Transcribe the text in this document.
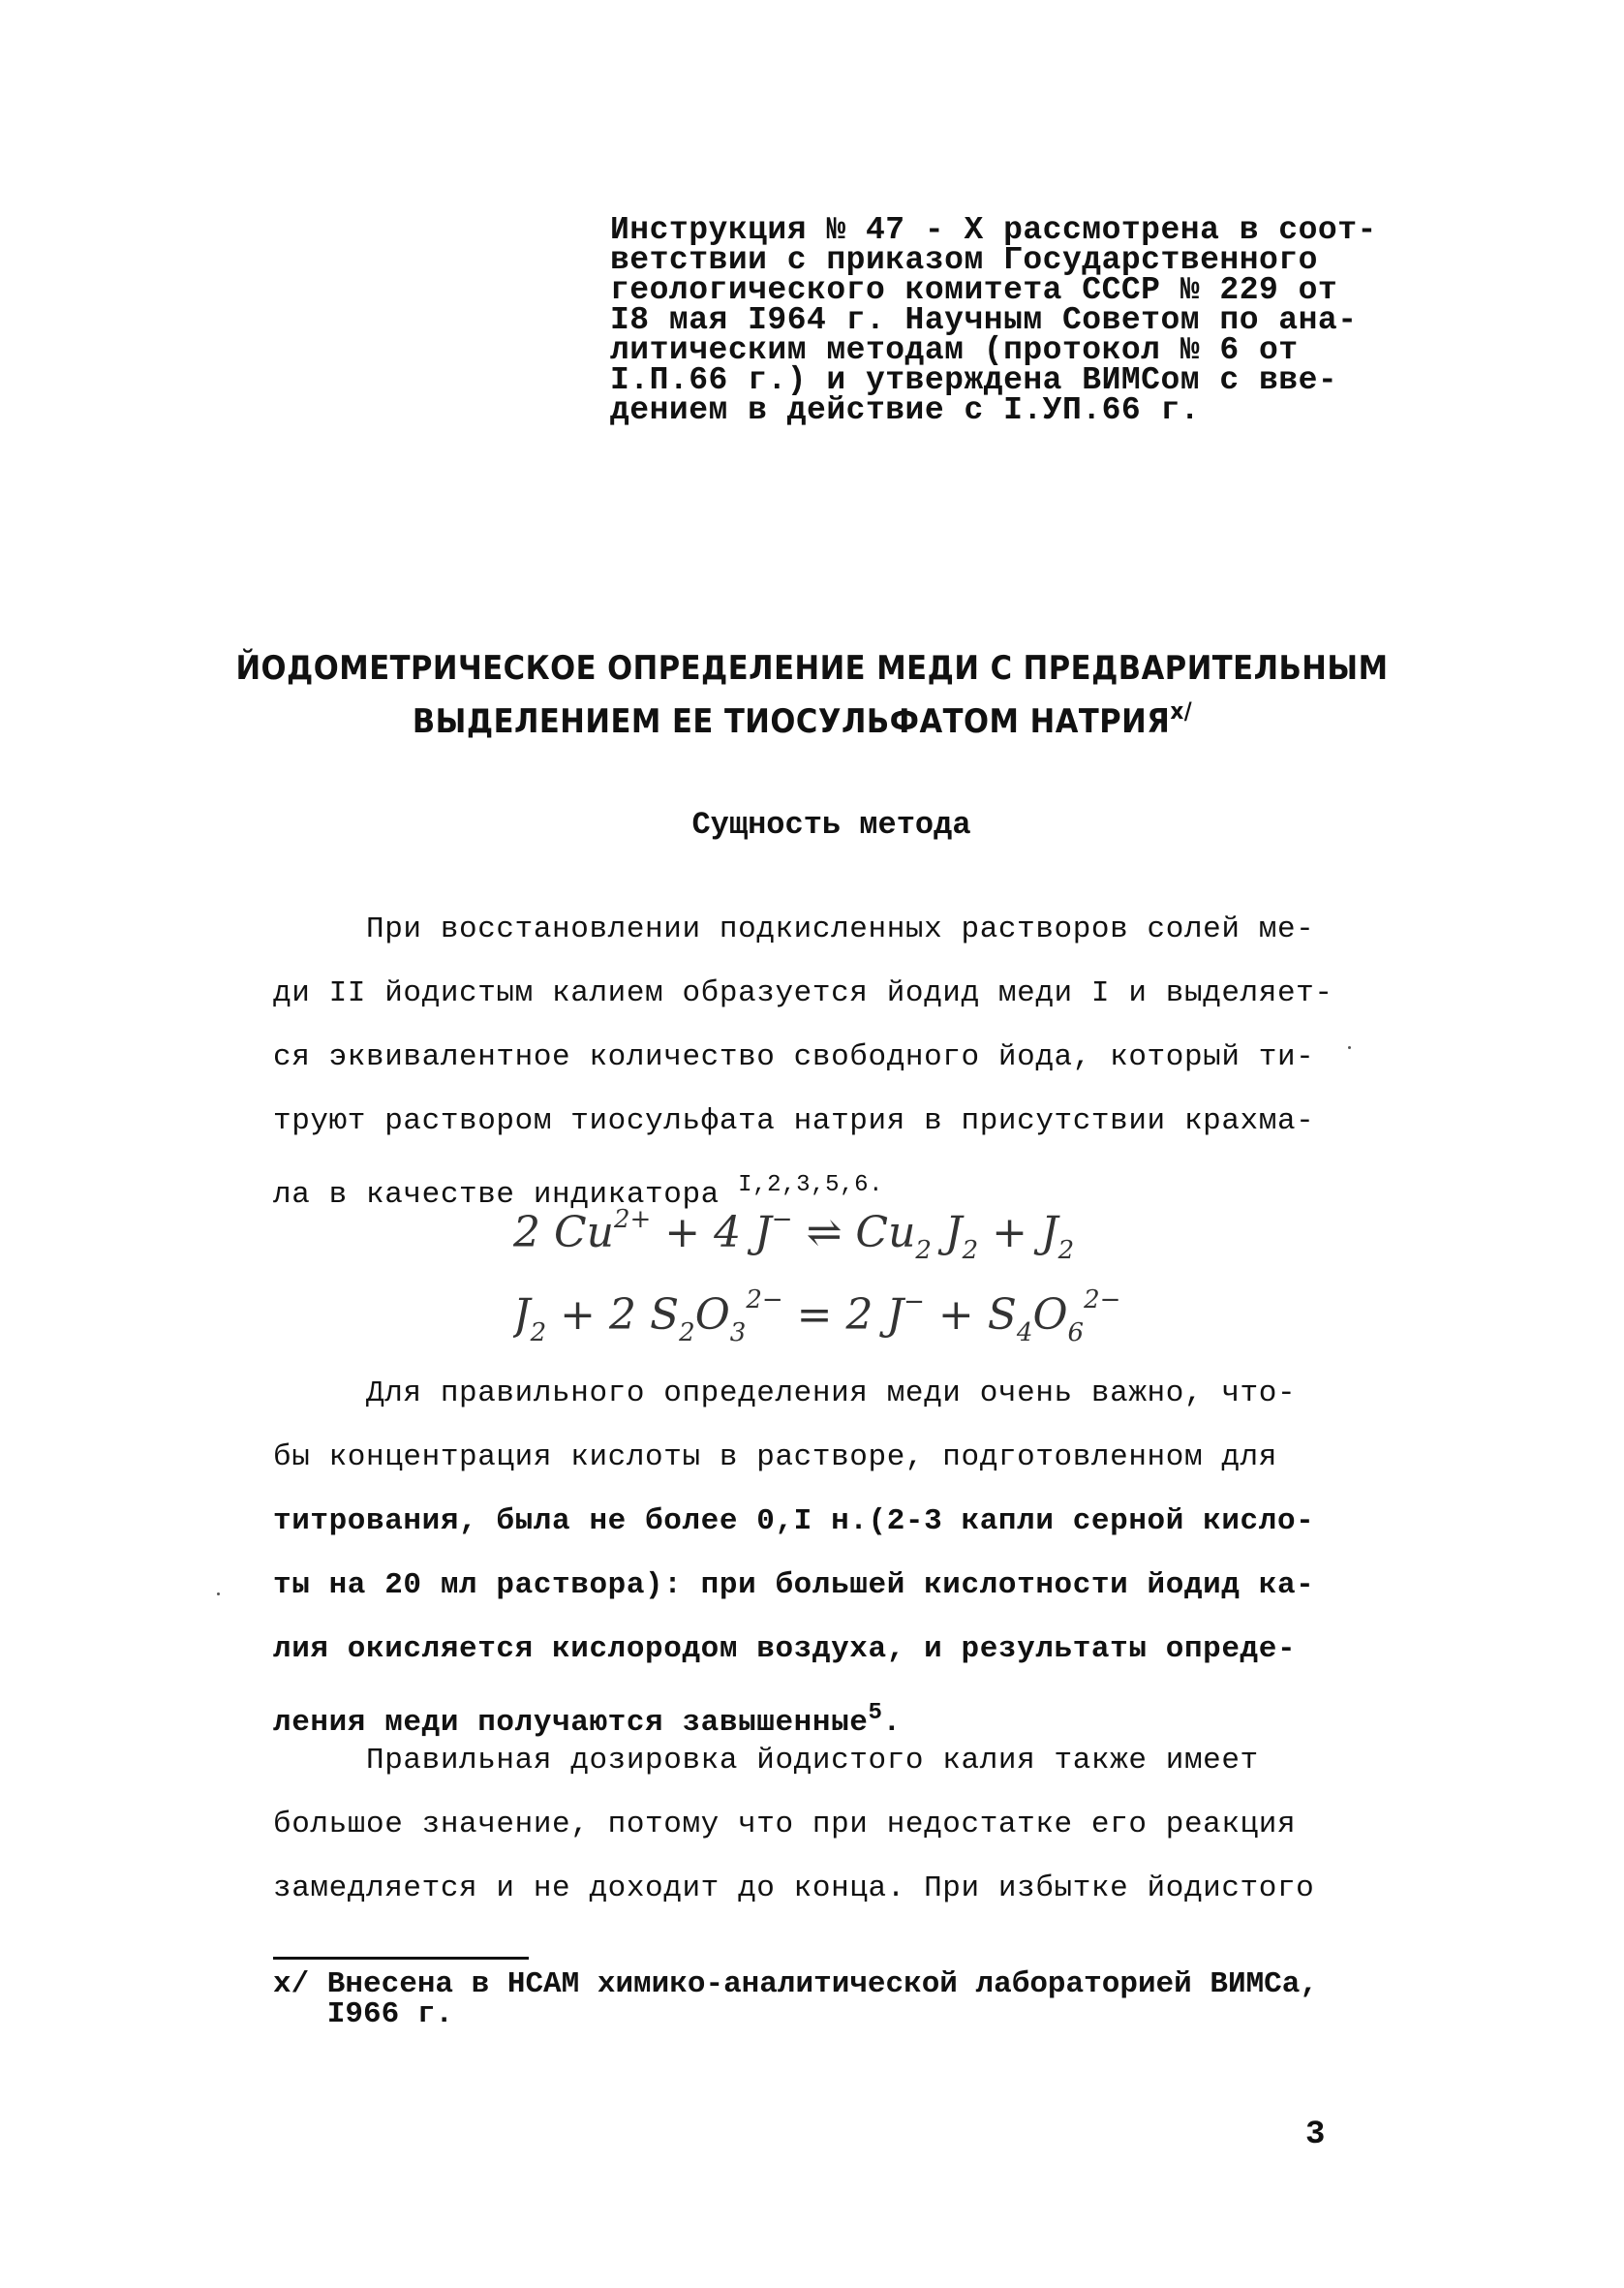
Инструкция № 47 - Х рассмотрена в соот-
ветствии с приказом Государственного
геологического комитета СССР № 229 от
I8 мая I964 г. Научным Советом по ана-
литическим методам (протокол № 6 от
I.П.66 г.) и утверждена ВИМСом с вве-
дением в действие с I.УП.66 г.
ЙОДОМЕТРИЧЕСКОЕ ОПРЕДЕЛЕНИЕ МЕДИ С ПРЕДВАРИТЕЛЬНЫМ
ВЫДЕЛЕНИЕМ ЕЕ ТИОСУЛЬФАТОМ $НАТРИЯ^{x/}$
Сущность метода
При восстановлении подкисленных растворов солей ме-
ди II йодистым калием образуется йодид меди I и выделяет-
ся эквивалентное количество свободного йода, который ти-
труют раствором тиосульфата натрия в присутствии крахма-
ла в качестве индикатора $^{I,2,3,5,6.}$
2 $Cu^{2+} + 4$ J− ⇌ $Cu_2$ $J_2 + J_2$
$J_2 + 2$ $S_2O_3^{2-} = 2$ $J^- + S_4O_6^{2-}$
Для правильного определения меди очень важно, что-
бы концентрация кислоты в растворе, подготовленном для
титрования, была не более 0,I н.(2-3 капли серной кисло-
ты на 20 мл раствора): при большей кислотности йодид ка-
лия окисляется кислородом воздуха, и результаты опреде-
ления меди получаются завышенные$^5$.
Правильная дозировка йодистого калия также имеет
большое значение, потому что при недостатке его реакция
замедляется и не доходит до конца. При избытке йодистого
x/ Внесена в НСАМ химико-аналитической лабораторией ВИМСа,
I966 г.
3
